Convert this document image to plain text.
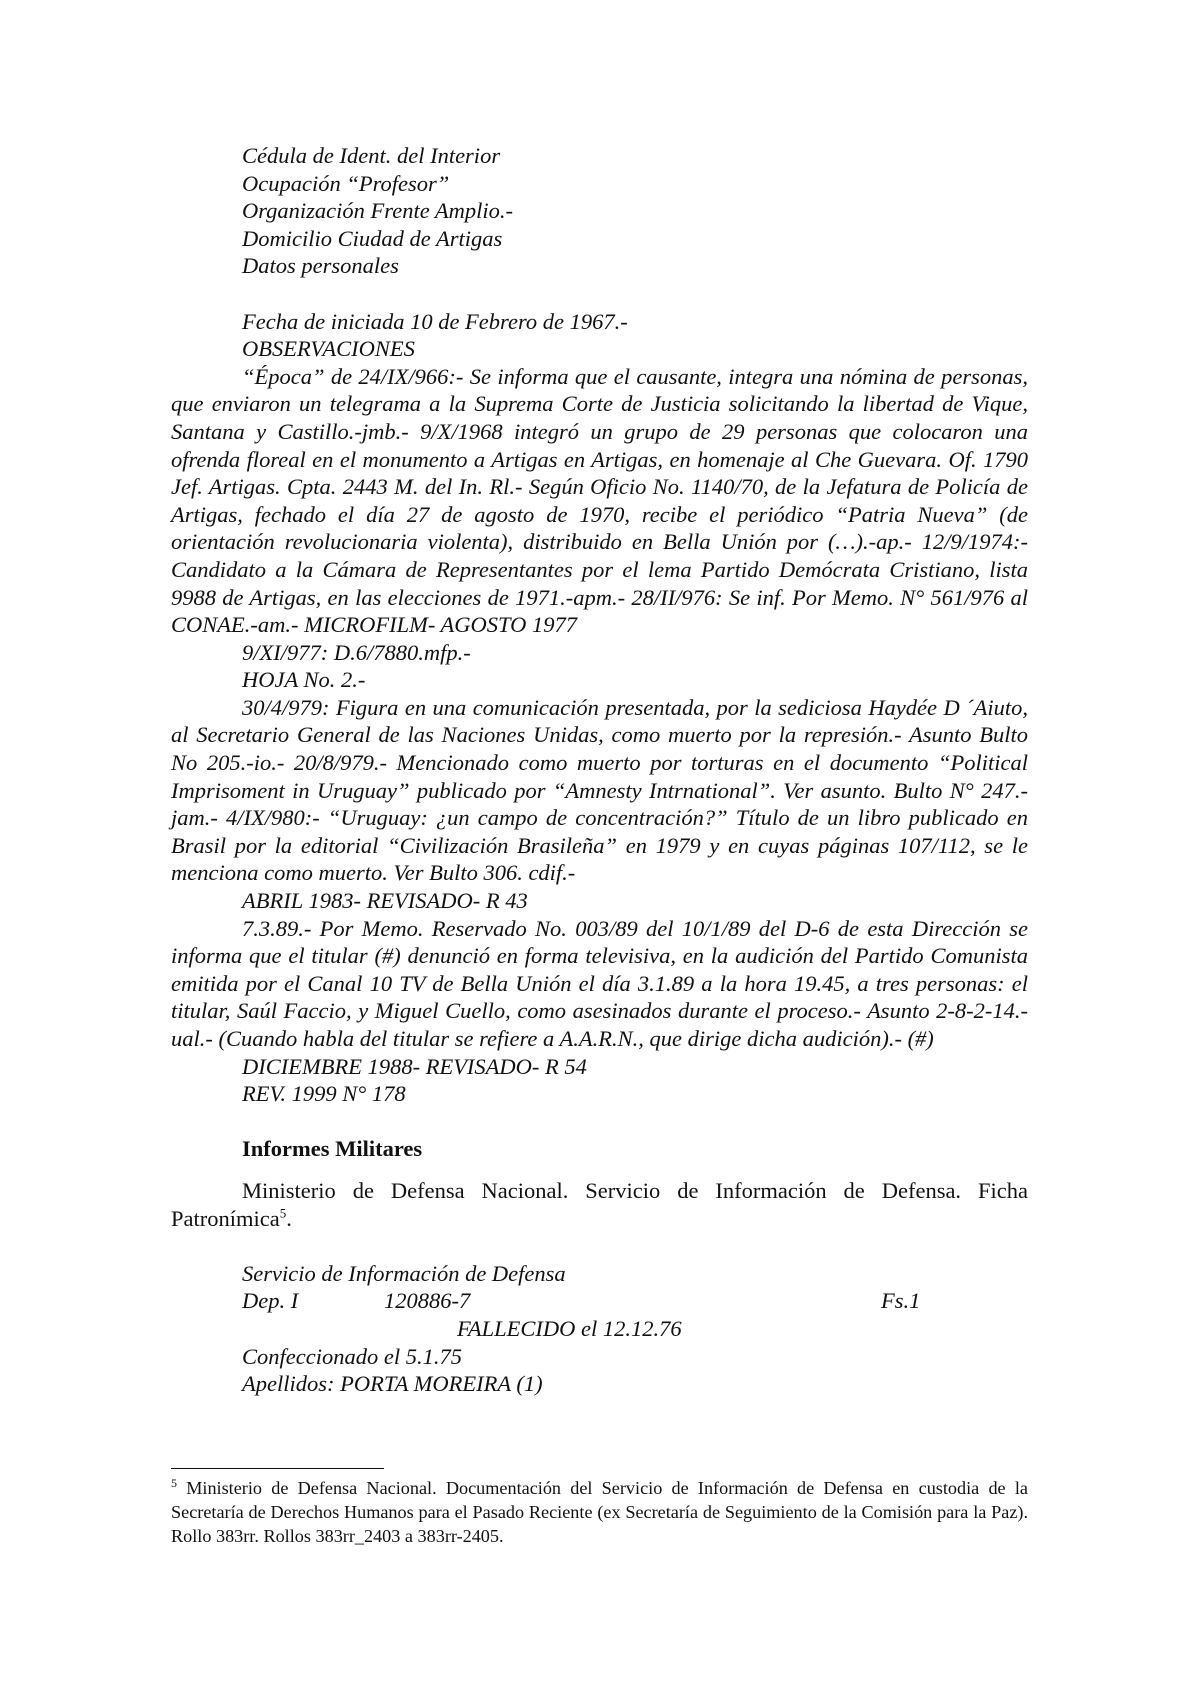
Cédula de Ident. del Interior
Ocupación “Profesor”
Organización Frente Amplio.-
Domicilio Ciudad de Artigas
Datos personales
Fecha de iniciada 10 de Febrero de 1967.-
OBSERVACIONES
“Época” de 24/IX/966:- Se informa que el causante, integra una nómina de personas, que enviaron un telegrama a la Suprema Corte de Justicia solicitando la libertad de Vique, Santana y Castillo.-jmb.- 9/X/1968 integró un grupo de 29 personas que colocaron una ofrenda floreal en el monumento a Artigas en Artigas, en homenaje al Che Guevara. Of. 1790 Jef. Artigas. Cpta. 2443 M. del In. Rl.- Según Oficio No. 1140/70, de la Jefatura de Policía de Artigas, fechado el día 27 de agosto de 1970, recibe el periódico “Patria Nueva” (de orientación revolucionaria violenta), distribuido en Bella Unión por (…).-ap.- 12/9/1974:- Candidato a la Cámara de Representantes por el lema Partido Demócrata Cristiano, lista 9988 de Artigas, en las elecciones de 1971.-apm.- 28/II/976: Se inf. Por Memo. N° 561/976 al CONAE.-am.- MICROFILM- AGOSTO 1977
9/XI/977: D.6/7880.mfp.-
HOJA No. 2.-
30/4/979: Figura en una comunicación presentada, por la sediciosa Haydée D ´Aiuto, al Secretario General de las Naciones Unidas, como muerto por la represión.- Asunto Bulto No 205.-io.- 20/8/979.- Mencionado como muerto por torturas en el documento “Political Imprisoment in Uruguay” publicado por “Amnesty Intrnational”. Ver asunto. Bulto N° 247.-jam.- 4/IX/980:- “Uruguay: ¿un campo de concentración?” Título de un libro publicado en Brasil por la editorial “Civilización Brasileña” en 1979 y en cuyas páginas 107/112, se le menciona como muerto. Ver Bulto 306. cdif.-
ABRIL 1983- REVISADO- R 43
7.3.89.- Por Memo. Reservado No. 003/89 del 10/1/89 del D-6 de esta Dirección se informa que el titular (#) denunció en forma televisiva, en la audición del Partido Comunista emitida por el Canal 10 TV de Bella Unión el día 3.1.89 a la hora 19.45, a tres personas: el titular, Saúl Faccio, y Miguel Cuello, como asesinados durante el proceso.- Asunto 2-8-2-14.-ual.- (Cuando habla del titular se refiere a A.A.R.N., que dirige dicha audición).- (#)
DICIEMBRE 1988- REVISADO- R 54
REV. 1999 N° 178
Informes Militares
Ministerio de Defensa Nacional. Servicio de Información de Defensa. Ficha Patronímica$^5$.
Servicio de Información de Defensa
Dep. I	120886-7	Fs.1
FALLECIDO el 12.12.76
Confeccionado el 5.1.75
Apellidos: PORTA MOREIRA (1)
$^5$ Ministerio de Defensa Nacional. Documentación del Servicio de Información de Defensa en custodia de la Secretaría de Derechos Humanos para el Pasado Reciente (ex Secretaría de Seguimiento de la Comisión para la Paz). Rollo 383rr. Rollos 383rr_2403 a 383rr-2405.
